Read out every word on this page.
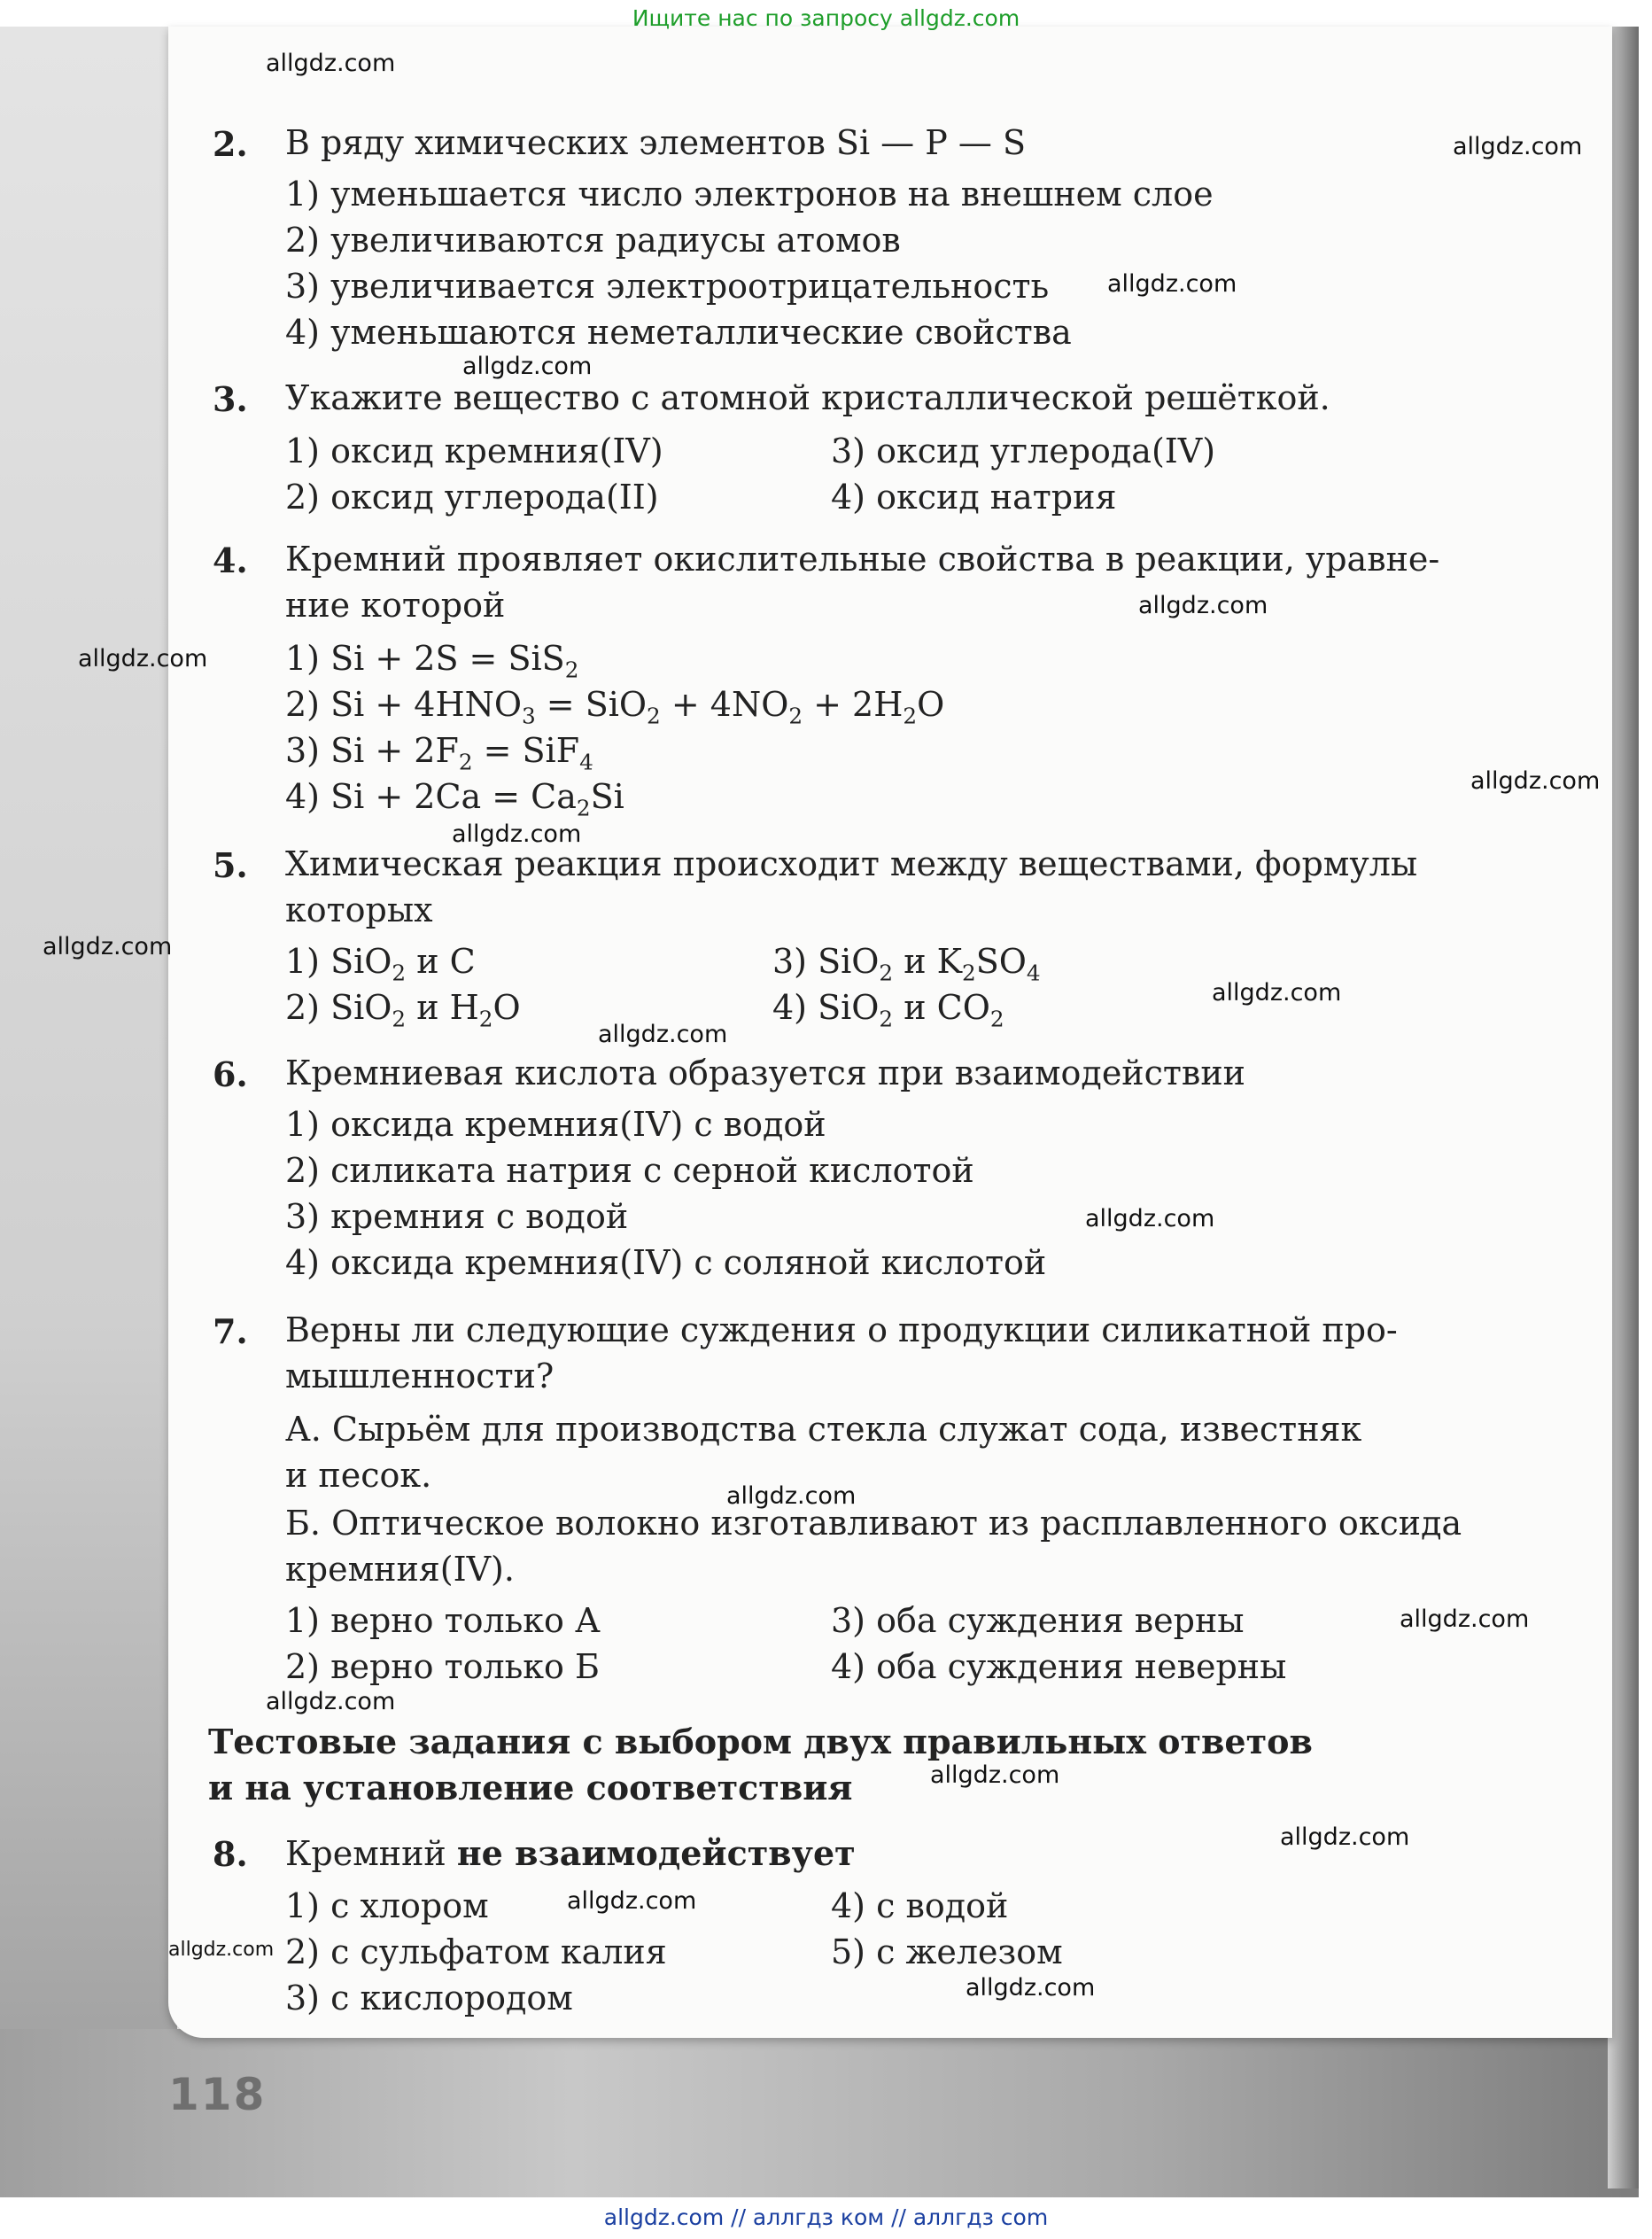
Ищите нас по запросу allgdz.com
2. В ряду химических элементов Si — P — S
1) уменьшается число электронов на внешнем слое
2) увеличиваются радиусы атомов
3) увеличивается электроотрицательность
4) уменьшаются неметаллические свойства
3. Укажите вещество с атомной кристаллической решёткой.
1) оксид кремния(IV)
2) оксид углерода(II)
3) оксид углерода(IV)
4) оксид натрия
4. Кремний проявляет окислительные свойства в реакции, уравне-
ние которой
1) Si + 2S = SiS$_2$
2) $Si + 4HNO_3 = SiO_2 + 4NO_2 + 2H_2O$
3) $Si + 2F_2 = SiF_4$
4) $Si + 2Ca = Ca_2Si$
5. Химическая реакция происходит между веществами, формулы
которых
1) SiO$_2$ и C
2) SiO$_2$ и $H_2O$
3) SiO$_2$ и $K_2SO_4$
4) SiO$_2$ и $CO_2$
6. Кремниевая кислота образуется при взаимодействии
1) оксида кремния(IV) с водой
2) силиката натрия с серной кислотой
3) кремния с водой
4) оксида кремния(IV) с соляной кислотой
7. Верны ли следующие суждения о продукции силикатной про-
мышленности?
А. Сырьём для производства стекла служат сода, известняк
и песок.
Б. Оптическое волокно изготавливают из расплавленного оксида
кремния(IV).
1) верно только А
2) верно только Б
3) оба суждения верны
4) оба суждения неверны
Тестовые задания с выбором двух правильных ответов
и на установление соответствия
8. Кремний не взаимодействует
1) с хлором
2) с сульфатом калия
3) с кислородом
4) с водой
5) с железом
118
allgdz.com
allgdz.com
allgdz.com
allgdz.com
allgdz.com
allgdz.com
allgdz.com
allgdz.com
allgdz.com
allgdz.com
allgdz.com
allgdz.com
allgdz.com
allgdz.com
allgdz.com
allgdz.com
allgdz.com
allgdz.com
allgdz.com
allgdz.com
allgdz.com // аллгдз ком // аллгдз com
